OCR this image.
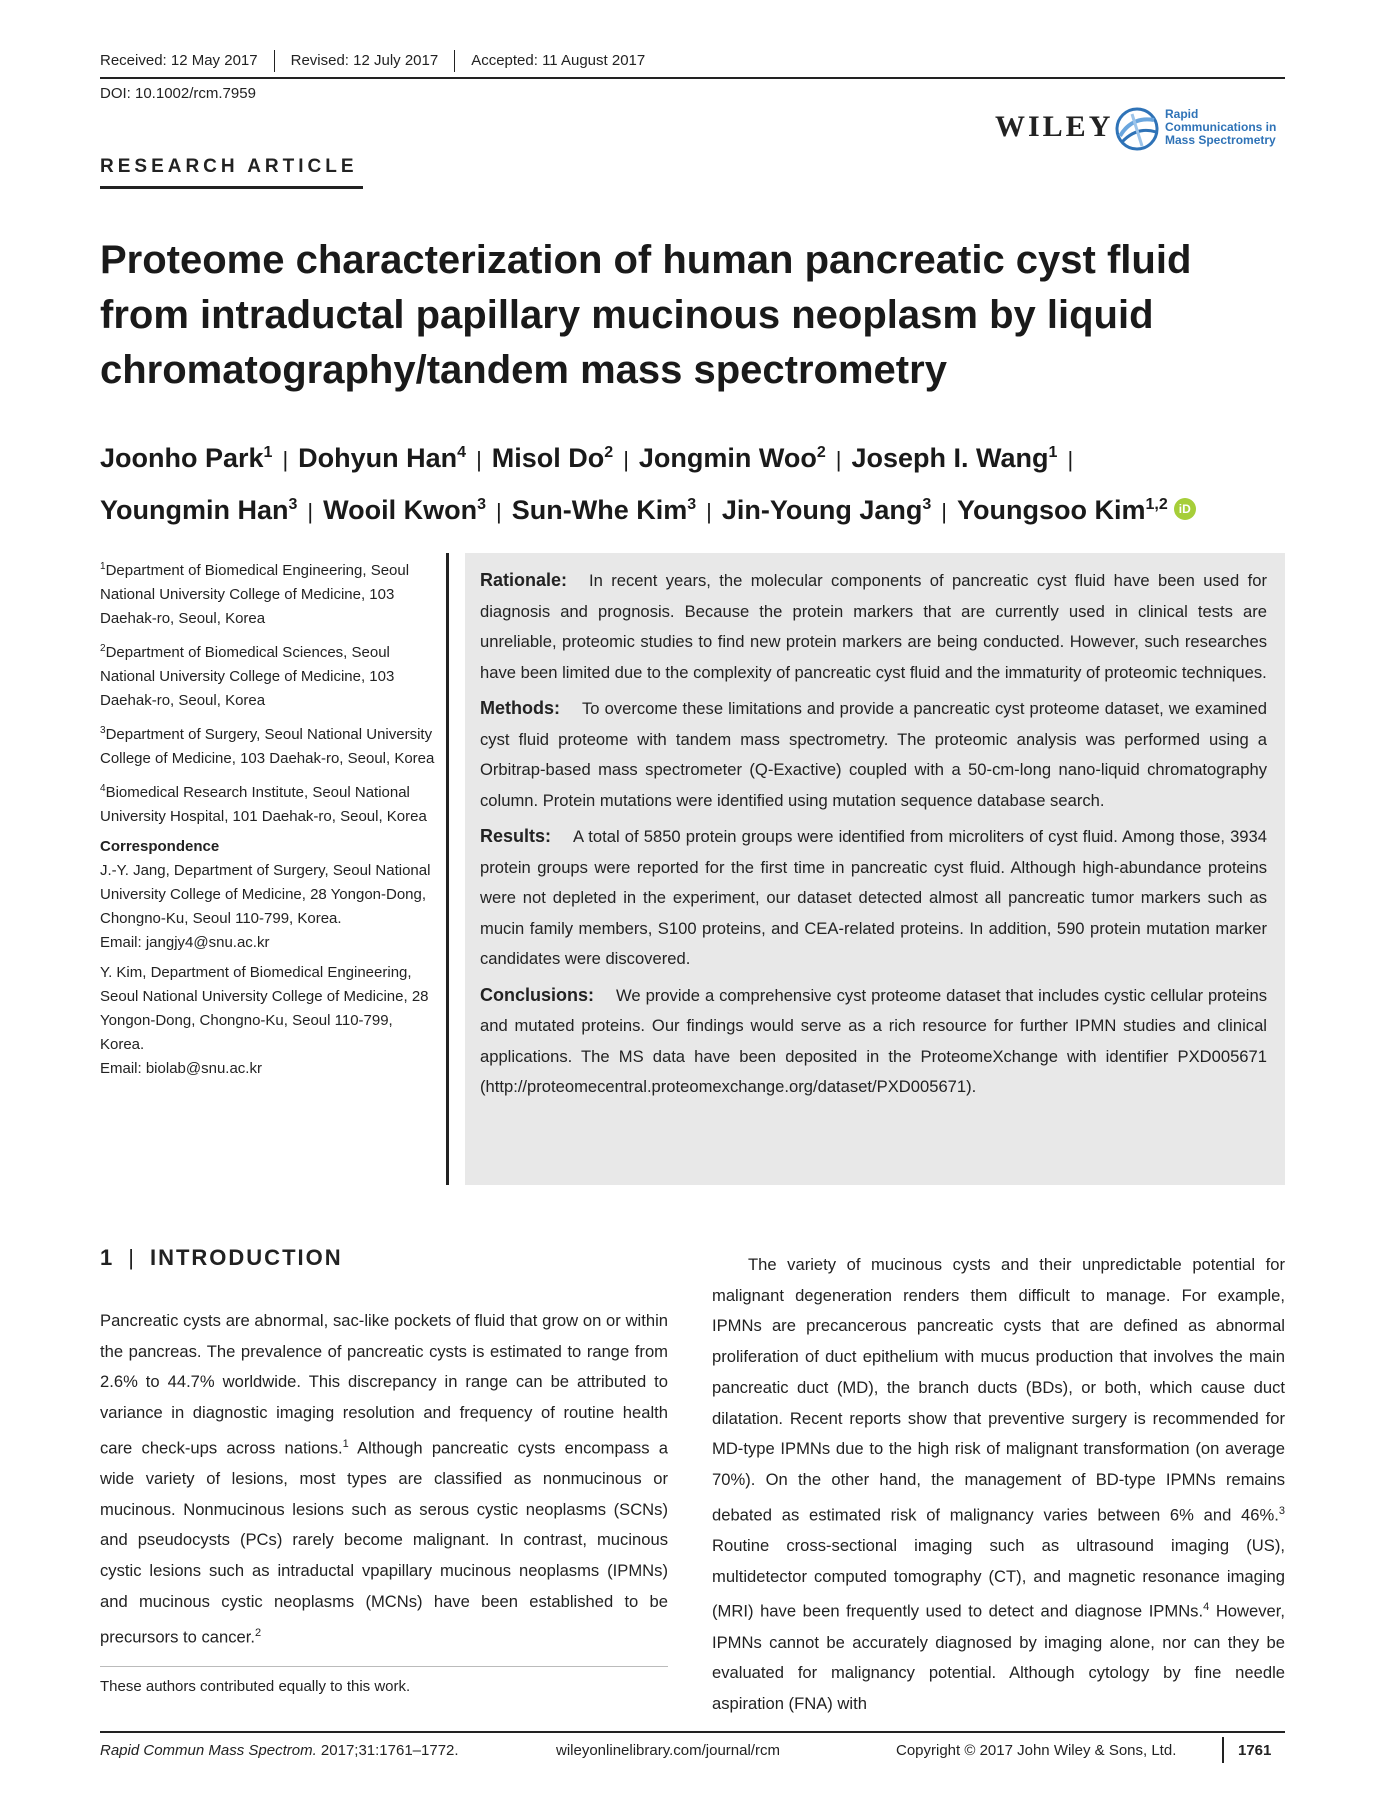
Received: 12 May 2017 Revised: 12 July 2017 Accepted: 11 August 2017
DOI: 10.1002/rcm.7959
WILEY	Rapid
Communications in
Mass Spectrometry
RESEARCH ARTICLE
Proteome characterization of human pancreatic cyst fluid from intraductal papillary mucinous neoplasm by liquid chromatography/tandem mass spectrometry
Joonho Park$^1$ | Dohyun Han$^4$ | Misol Do$^2$ | Jongmin Woo$^2$ | Joseph I. Wang$^1$ |
Youngmin Han$^3$ | Wooil Kwon$^3$ | Sun-Whe Kim$^3$ | Jin-Young Jang$^3$ | Youngsoo Kim$^{1,2}$ iD

$^1$Department of Biomedical Engineering, Seoul National University College of Medicine, 103 Daehak-ro, Seoul, Korea

$^2$Department of Biomedical Sciences, Seoul National University College of Medicine, 103 Daehak-ro, Seoul, Korea

$^3$Department of Surgery, Seoul National University College of Medicine, 103 Daehak-ro, Seoul, Korea

$^4$Biomedical Research Institute, Seoul National University Hospital, 101 Daehak-ro, Seoul, Korea

Correspondence

J.-Y. Jang, Department of Surgery, Seoul National University College of Medicine, 28 Yongon-Dong, Chongno-Ku, Seoul 110-799, Korea.

Email: jangjy4@snu.ac.kr

Y. Kim, Department of Biomedical Engineering, Seoul National University College of Medicine, 28 Yongon-Dong, Chongno-Ku, Seoul 110-799, Korea.

Email: biolab@snu.ac.kr

Rationale: In recent years, the molecular components of pancreatic cyst fluid have been used for diagnosis and prognosis. Because the protein markers that are currently used in clinical tests are unreliable, proteomic studies to find new protein markers are being conducted. However, such researches have been limited due to the complexity of pancreatic cyst fluid and the immaturity of proteomic techniques.

Methods: To overcome these limitations and provide a pancreatic cyst proteome dataset, we examined cyst fluid proteome with tandem mass spectrometry. The proteomic analysis was performed using a Orbitrap-based mass spectrometer (Q-Exactive) coupled with a 50-cm-long nano-liquid chromatography column. Protein mutations were identified using mutation sequence database search.

Results: A total of 5850 protein groups were identified from microliters of cyst fluid. Among those, 3934 protein groups were reported for the first time in pancreatic cyst fluid. Although high-abundance proteins were not depleted in the experiment, our dataset detected almost all pancreatic tumor markers such as mucin family members, S100 proteins, and CEA-related proteins. In addition, 590 protein mutation marker candidates were discovered.

Conclusions: We provide a comprehensive cyst proteome dataset that includes cystic cellular proteins and mutated proteins. Our findings would serve as a rich resource for further IPMN studies and clinical applications. The MS data have been deposited in the ProteomeXchange with identifier PXD005671 (http://proteomecentral.proteomexchange.org/dataset/PXD005671).

1 | INTRODUCTION

Pancreatic cysts are abnormal, sac-like pockets of fluid that grow on or within the pancreas. The prevalence of pancreatic cysts is estimated to range from 2.6% to 44.7% worldwide. This discrepancy in range can be attributed to variance in diagnostic imaging resolution and frequency of routine health care check-ups across nations.$^1$ Although pancreatic cysts encompass a wide variety of lesions, most types are classified as nonmucinous or mucinous. Nonmucinous lesions such as serous cystic neoplasms (SCNs) and pseudocysts (PCs) rarely become malignant. In contrast, mucinous cystic lesions such as intraductal vpapillary mucinous neoplasms (IPMNs) and mucinous cystic neoplasms (MCNs) have been established to be precursors to cancer.$^2$

The variety of mucinous cysts and their unpredictable potential for malignant degeneration renders them difficult to manage. For example, IPMNs are precancerous pancreatic cysts that are defined as abnormal proliferation of duct epithelium with mucus production that involves the main pancreatic duct (MD), the branch ducts (BDs), or both, which cause duct dilatation. Recent reports show that preventive surgery is recommended for MD-type IPMNs due to the high risk of malignant transformation (on average 70%). On the other hand, the management of BD-type IPMNs remains debated as estimated risk of malignancy varies between 6% and 46%.$^3$ Routine cross-sectional imaging such as ultrasound imaging (US), multidetector computed tomography (CT), and magnetic resonance imaging (MRI) have been frequently used to detect and diagnose IPMNs.$^4$ However, IPMNs cannot be accurately diagnosed by imaging alone, nor can they be evaluated for malignancy potential. Although cytology by fine needle aspiration (FNA) with

These authors contributed equally to this work.
Rapid Commun Mass Spectrom. 2017;31:1761–1772.	wileyonlinelibrary.com/journal/rcm	Copyright © 2017 John Wiley & Sons, Ltd.	1761
